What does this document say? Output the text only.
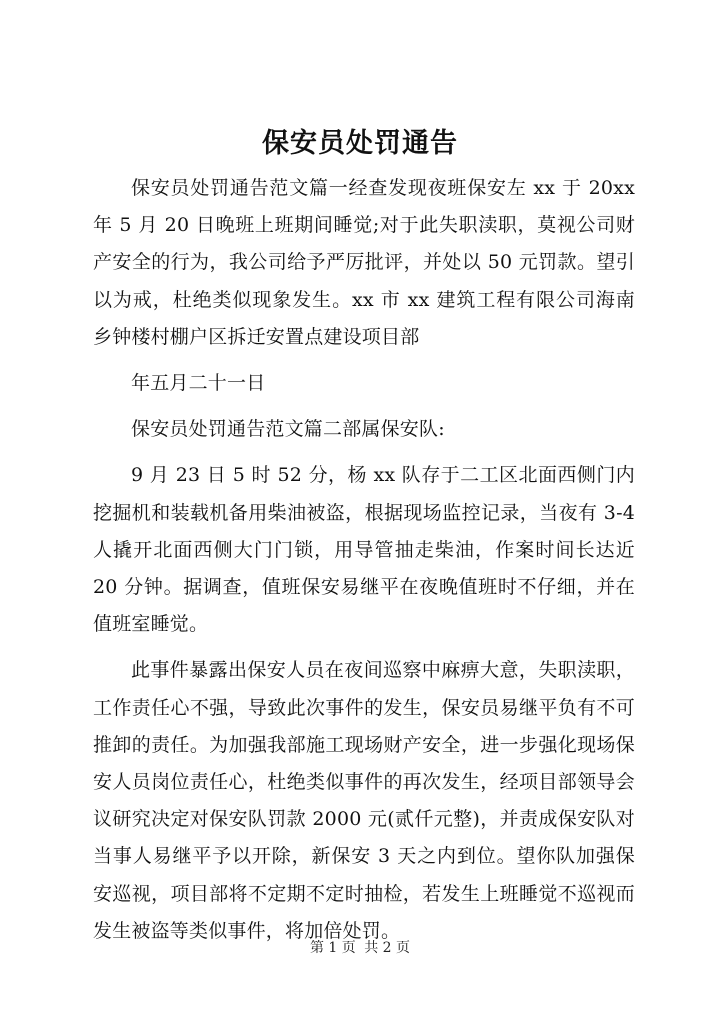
保安员处罚通告

保安员处罚通告范文篇一经查发现夜班保安左 xx 于 20xx 年 5 月 20 日晚班上班期间睡觉;对于此失职渎职，莫视公司财产安全的行为，我公司给予严厉批评，并处以 50 元罚款。望引以为戒，杜绝类似现象发生。xx 市 xx 建筑工程有限公司海南乡钟楼村棚户区拆迁安置点建设项目部

年五月二十一日

保安员处罚通告范文篇二部属保安队:

9 月 23 日 5 时 52 分，杨 xx 队存于二工区北面西侧门内挖掘机和装载机备用柴油被盗，根据现场监控记录，当夜有 3-4 人撬开北面西侧大门门锁，用导管抽走柴油，作案时间长达近 20 分钟。据调查，值班保安易继平在夜晚值班时不仔细，并在值班室睡觉。

此事件暴露出保安人员在夜间巡察中麻痹大意，失职渎职，工作责任心不强，导致此次事件的发生，保安员易继平负有不可推卸的责任。为加强我部施工现场财产安全，进一步强化现场保安人员岗位责任心，杜绝类似事件的再次发生，经项目部领导会议研究决定对保安队罚款 2000 元(贰仟元整)，并责成保安队对当事人易继平予以开除，新保安 3 天之内到位。望你队加强保安巡视，项目部将不定期不定时抽检，若发生上班睡觉不巡视而发生被盗等类似事件，将加倍处罚。

第 1 页 共 2 页
